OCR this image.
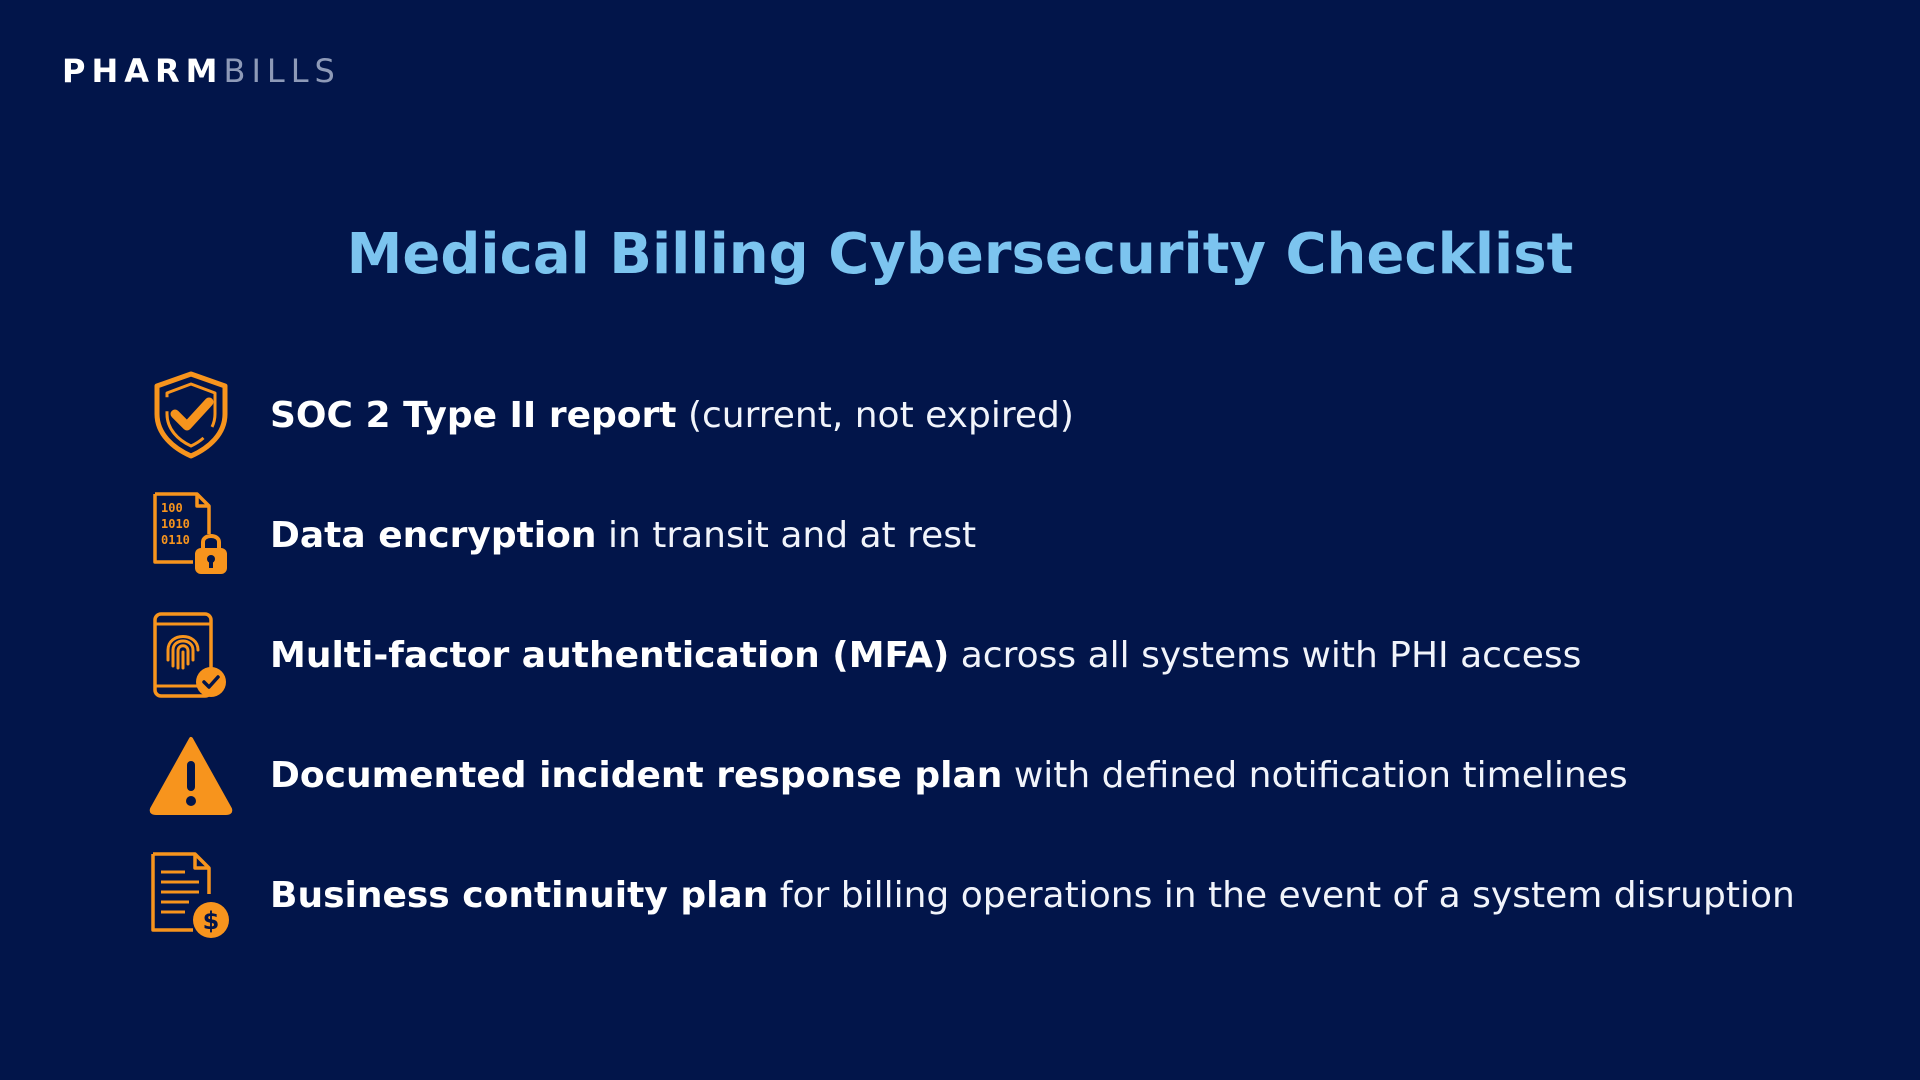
PHARMBILLS
Medical Billing Cybersecurity Checklist
SOC 2 Type II report (current, not expired)
100
1010
0110 Data encryption in transit and at rest
Multi-factor authentication (MFA) across all systems with PHI access
Documented incident response plan with defined notification timelines
$
Business continuity plan for billing operations in the event of a system disruption
